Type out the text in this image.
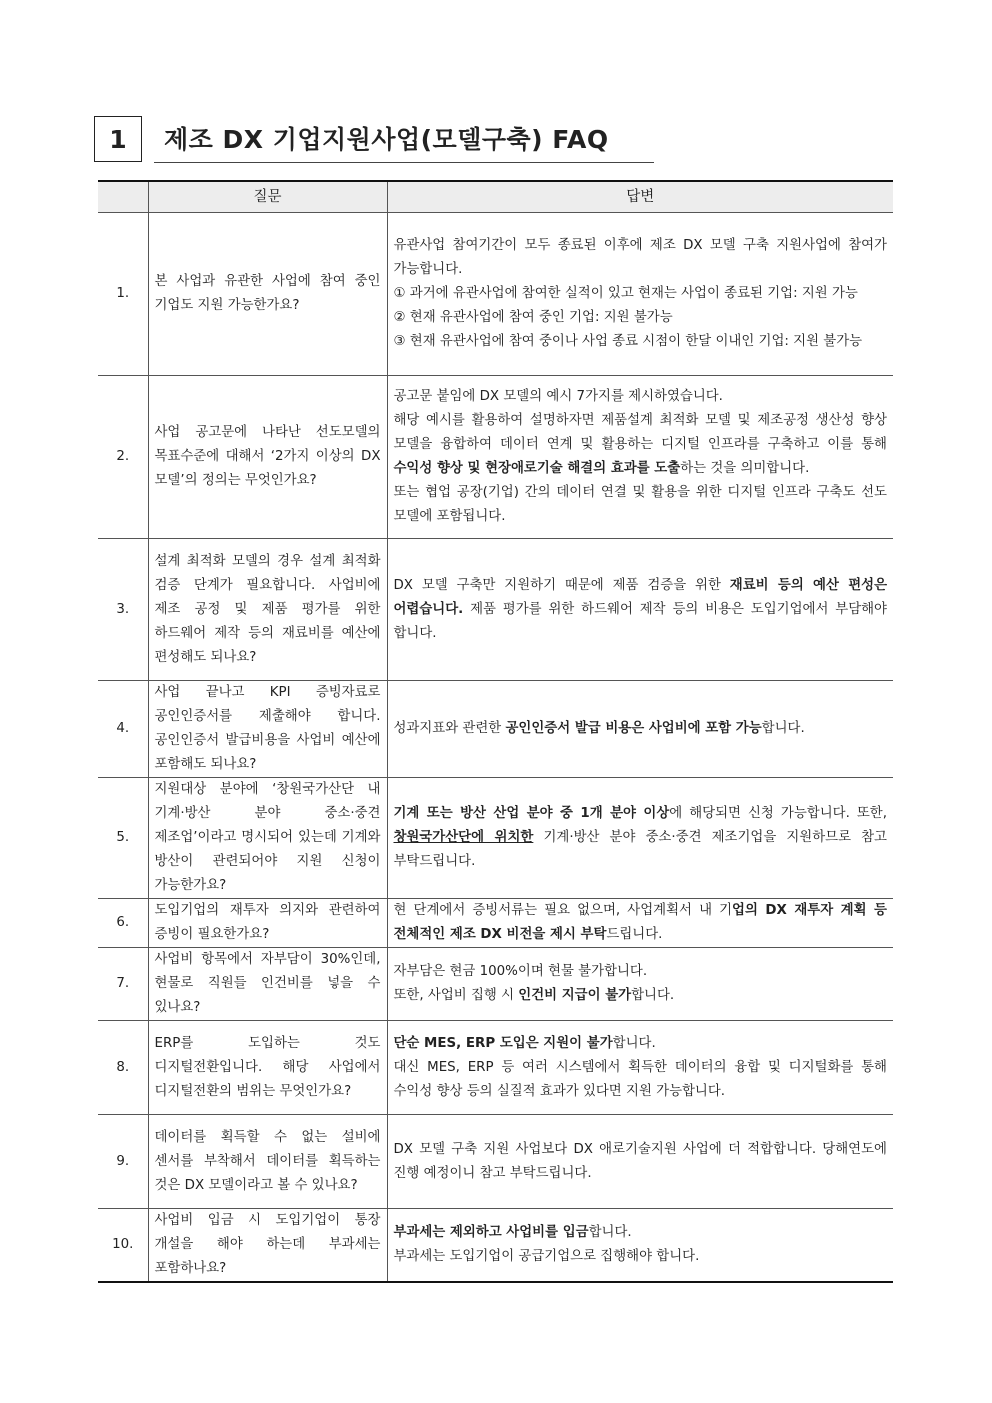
1	제조 DX 기업지원사업(모델구축) FAQ
	질문	답변
1.	본 사업과 유관한 사업에 참여 중인 기업도 지원 가능한가요?	유관사업 참여기간이 모두 종료된 이후에 제조 DX 모델 구축 지원사업에 참여가 가능합니다.

① 과거에 유관사업에 참여한 실적이 있고 현재는 사업이 종료된 기업: 지원 가능

② 현재 유관사업에 참여 중인 기업: 지원 불가능

③ 현재 유관사업에 참여 중이나 사업 종료 시점이 한달 이내인 기업: 지원 불가능

2.	사업 공고문에 나타난 선도모델의 목표수준에 대해서 ‘2가지 이상의 DX 모델’의 정의는 무엇인가요?	공고문 붙임에 DX 모델의 예시 7가지를 제시하였습니다.

해당 예시를 활용하여 설명하자면 제품설계 최적화 모델 및 제조공정 생산성 향상 모델을 융합하여 데이터 연계 및 활용하는 디지털 인프라를 구축하고 이를 통해 수익성 향상 및 현장애로기술 해결의 효과를 도출하는 것을 의미합니다.

또는 협업 공장(기업) 간의 데이터 연결 및 활용을 위한 디지털 인프라 구축도 선도 모델에 포함됩니다.

3.	설계 최적화 모델의 경우 설계 최적화 검증 단계가 필요합니다. 사업비에 제조 공정 및 제품 평가를 위한 하드웨어 제작 등의 재료비를 예산에 편성해도 되나요?	DX 모델 구축만 지원하기 때문에 제품 검증을 위한 재료비 등의 예산 편성은 어렵습니다. 제품 평가를 위한 하드웨어 제작 등의 비용은 도입기업에서 부담해야 합니다.

4.	사업 끝나고 KPI 증빙자료로 공인인증서를 제출해야 합니다. 공인인증서 발급비용을 사업비 예산에 포함해도 되나요?	성과지표와 관련한 공인인증서 발급 비용은 사업비에 포함 가능합니다.

5.	지원대상 분야에 ‘창원국가산단 내 기계·방산 분야 중소·중견 제조업’이라고 명시되어 있는데 기계와 방산이 관련되어야 지원 신청이 가능한가요?	기계 또는 방산 산업 분야 중 1개 분야 이상에 해당되면 신청 가능합니다. 또한, 창원국가산단에 위치한 기계·방산 분야 중소·중견 제조기업을 지원하므로 참고 부탁드립니다.

6.	도입기업의 재투자 의지와 관련하여 증빙이 필요한가요?	현 단계에서 증빙서류는 필요 없으며, 사업계획서 내 기업의 DX 재투자 계획 등 전체적인 제조 DX 비전을 제시 부탁드립니다.

7.	사업비 항목에서 자부담이 30%인데, 현물로 직원들 인건비를 넣을 수 있나요?	자부담은 현금 100%이며 현물 불가합니다.

또한, 사업비 집행 시 인건비 지급이 불가합니다.

8.	ERP를 도입하는 것도 디지털전환입니다. 해당 사업에서 디지털전환의 범위는 무엇인가요?	단순 MES, ERP 도입은 지원이 불가합니다.

대신 MES, ERP 등 여러 시스템에서 획득한 데이터의 융합 및 디지털화를 통해 수익성 향상 등의 실질적 효과가 있다면 지원 가능합니다.

9.	데이터를 획득할 수 없는 설비에 센서를 부착해서 데이터를 획득하는 것은 DX 모델이라고 볼 수 있나요?	DX 모델 구축 지원 사업보다 DX 애로기술지원 사업에 더 적합합니다. 당해연도에 진행 예정이니 참고 부탁드립니다.

10.	사업비 입금 시 도입기업이 통장 개설을 해야 하는데 부과세는 포함하나요?	부과세는 제외하고 사업비를 입금합니다.

부과세는 도입기업이 공급기업으로 집행해야 합니다.
